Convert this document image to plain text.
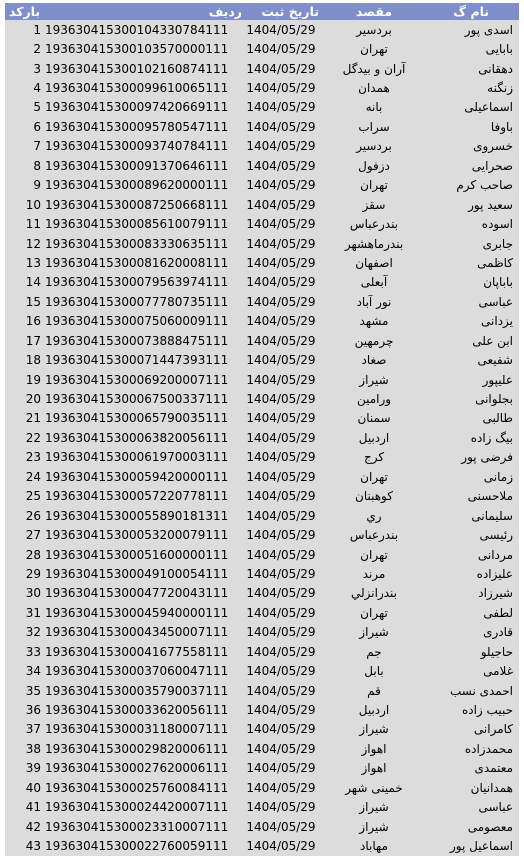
ردیف  بارکد	تاریخ ثبت	مقصد	نام گ
1 193630415300104330784111	1404/05/29	بردسیر	اسدی پور
2 193630415300103570000111	1404/05/29	تهران	بابایی
3 193630415300102160874111	1404/05/29	آران و بیدگل	دهقانی
4 193630415300099610065111	1404/05/29	همدان	زنگنه
5 193630415300097420669111	1404/05/29	بانه	اسماعیلی
6 193630415300095780547111	1404/05/29	سراب	باوفا
7 193630415300093740784111	1404/05/29	بردسیر	خسروی
8 193630415300091370646111	1404/05/29	دزفول	صحرایی
9 193630415300089620000111	1404/05/29	تهران	صاحب کرم
10 193630415300087250668111	1404/05/29	سقز	سعید پور
11 193630415300085610079111	1404/05/29	بندرعباس	اسوده
12 193630415300083330635111	1404/05/29	بندرماهشهر	جابری
13 193630415300081620008111	1404/05/29	اصفهان	کاظمی
14 193630415300079563974111	1404/05/29	آبعلی	باباپان
15 193630415300077780735111	1404/05/29	نور آباد	عباسی
16 193630415300075060009111	1404/05/29	مشهد	یزدانی
17 193630415300073888475111	1404/05/29	چرمهین	ابن علی
18 193630415300071447393111	1404/05/29	صغاد	شفیعی
19 193630415300069200007111	1404/05/29	شیراز	علیپور
20 193630415300067500337111	1404/05/29	ورامین	بجلوانی
21 193630415300065790035111	1404/05/29	سمنان	طالبی
22 193630415300063820056111	1404/05/29	اردبیل	بیگ زاده
23 193630415300061970003111	1404/05/29	کرج	فرضی پور
24 193630415300059420000111	1404/05/29	تهران	زمانی
25 193630415300057220778111	1404/05/29	کوهبنان	ملاحسنی
26 193630415300055890181311	1404/05/29	ري	سلیمانی
27 193630415300053200079111	1404/05/29	بندرعباس	رئیسی
28 193630415300051600000111	1404/05/29	تهران	مردانی
29 193630415300049100054111	1404/05/29	مرند	علیزاده
30 193630415300047720043111	1404/05/29	بندرانزلي	شیرزاد
31 193630415300045940000111	1404/05/29	تهران	لطفی
32 193630415300043450007111	1404/05/29	شیراز	قادری
33 193630415300041677558111	1404/05/29	جم	حاجیلو
34 193630415300037060047111	1404/05/29	بابل	غلامی
35 193630415300035790037111	1404/05/29	قم	احمدی نسب
36 193630415300033620056111	1404/05/29	اردبیل	حبیب زاده
37 193630415300031180007111	1404/05/29	شیراز	کامرانی
38 193630415300029820006111	1404/05/29	اهواز	محمدزاده
39 193630415300027620006111	1404/05/29	اهواز	معتمدی
40 193630415300025760084111	1404/05/29	خمینی شهر	همدانیان
41 193630415300024420007111	1404/05/29	شیراز	عباسی
42 193630415300023310007111	1404/05/29	شیراز	معصومی
43 193630415300022760059111	1404/05/29	مهاباد	اسماعیل پور
